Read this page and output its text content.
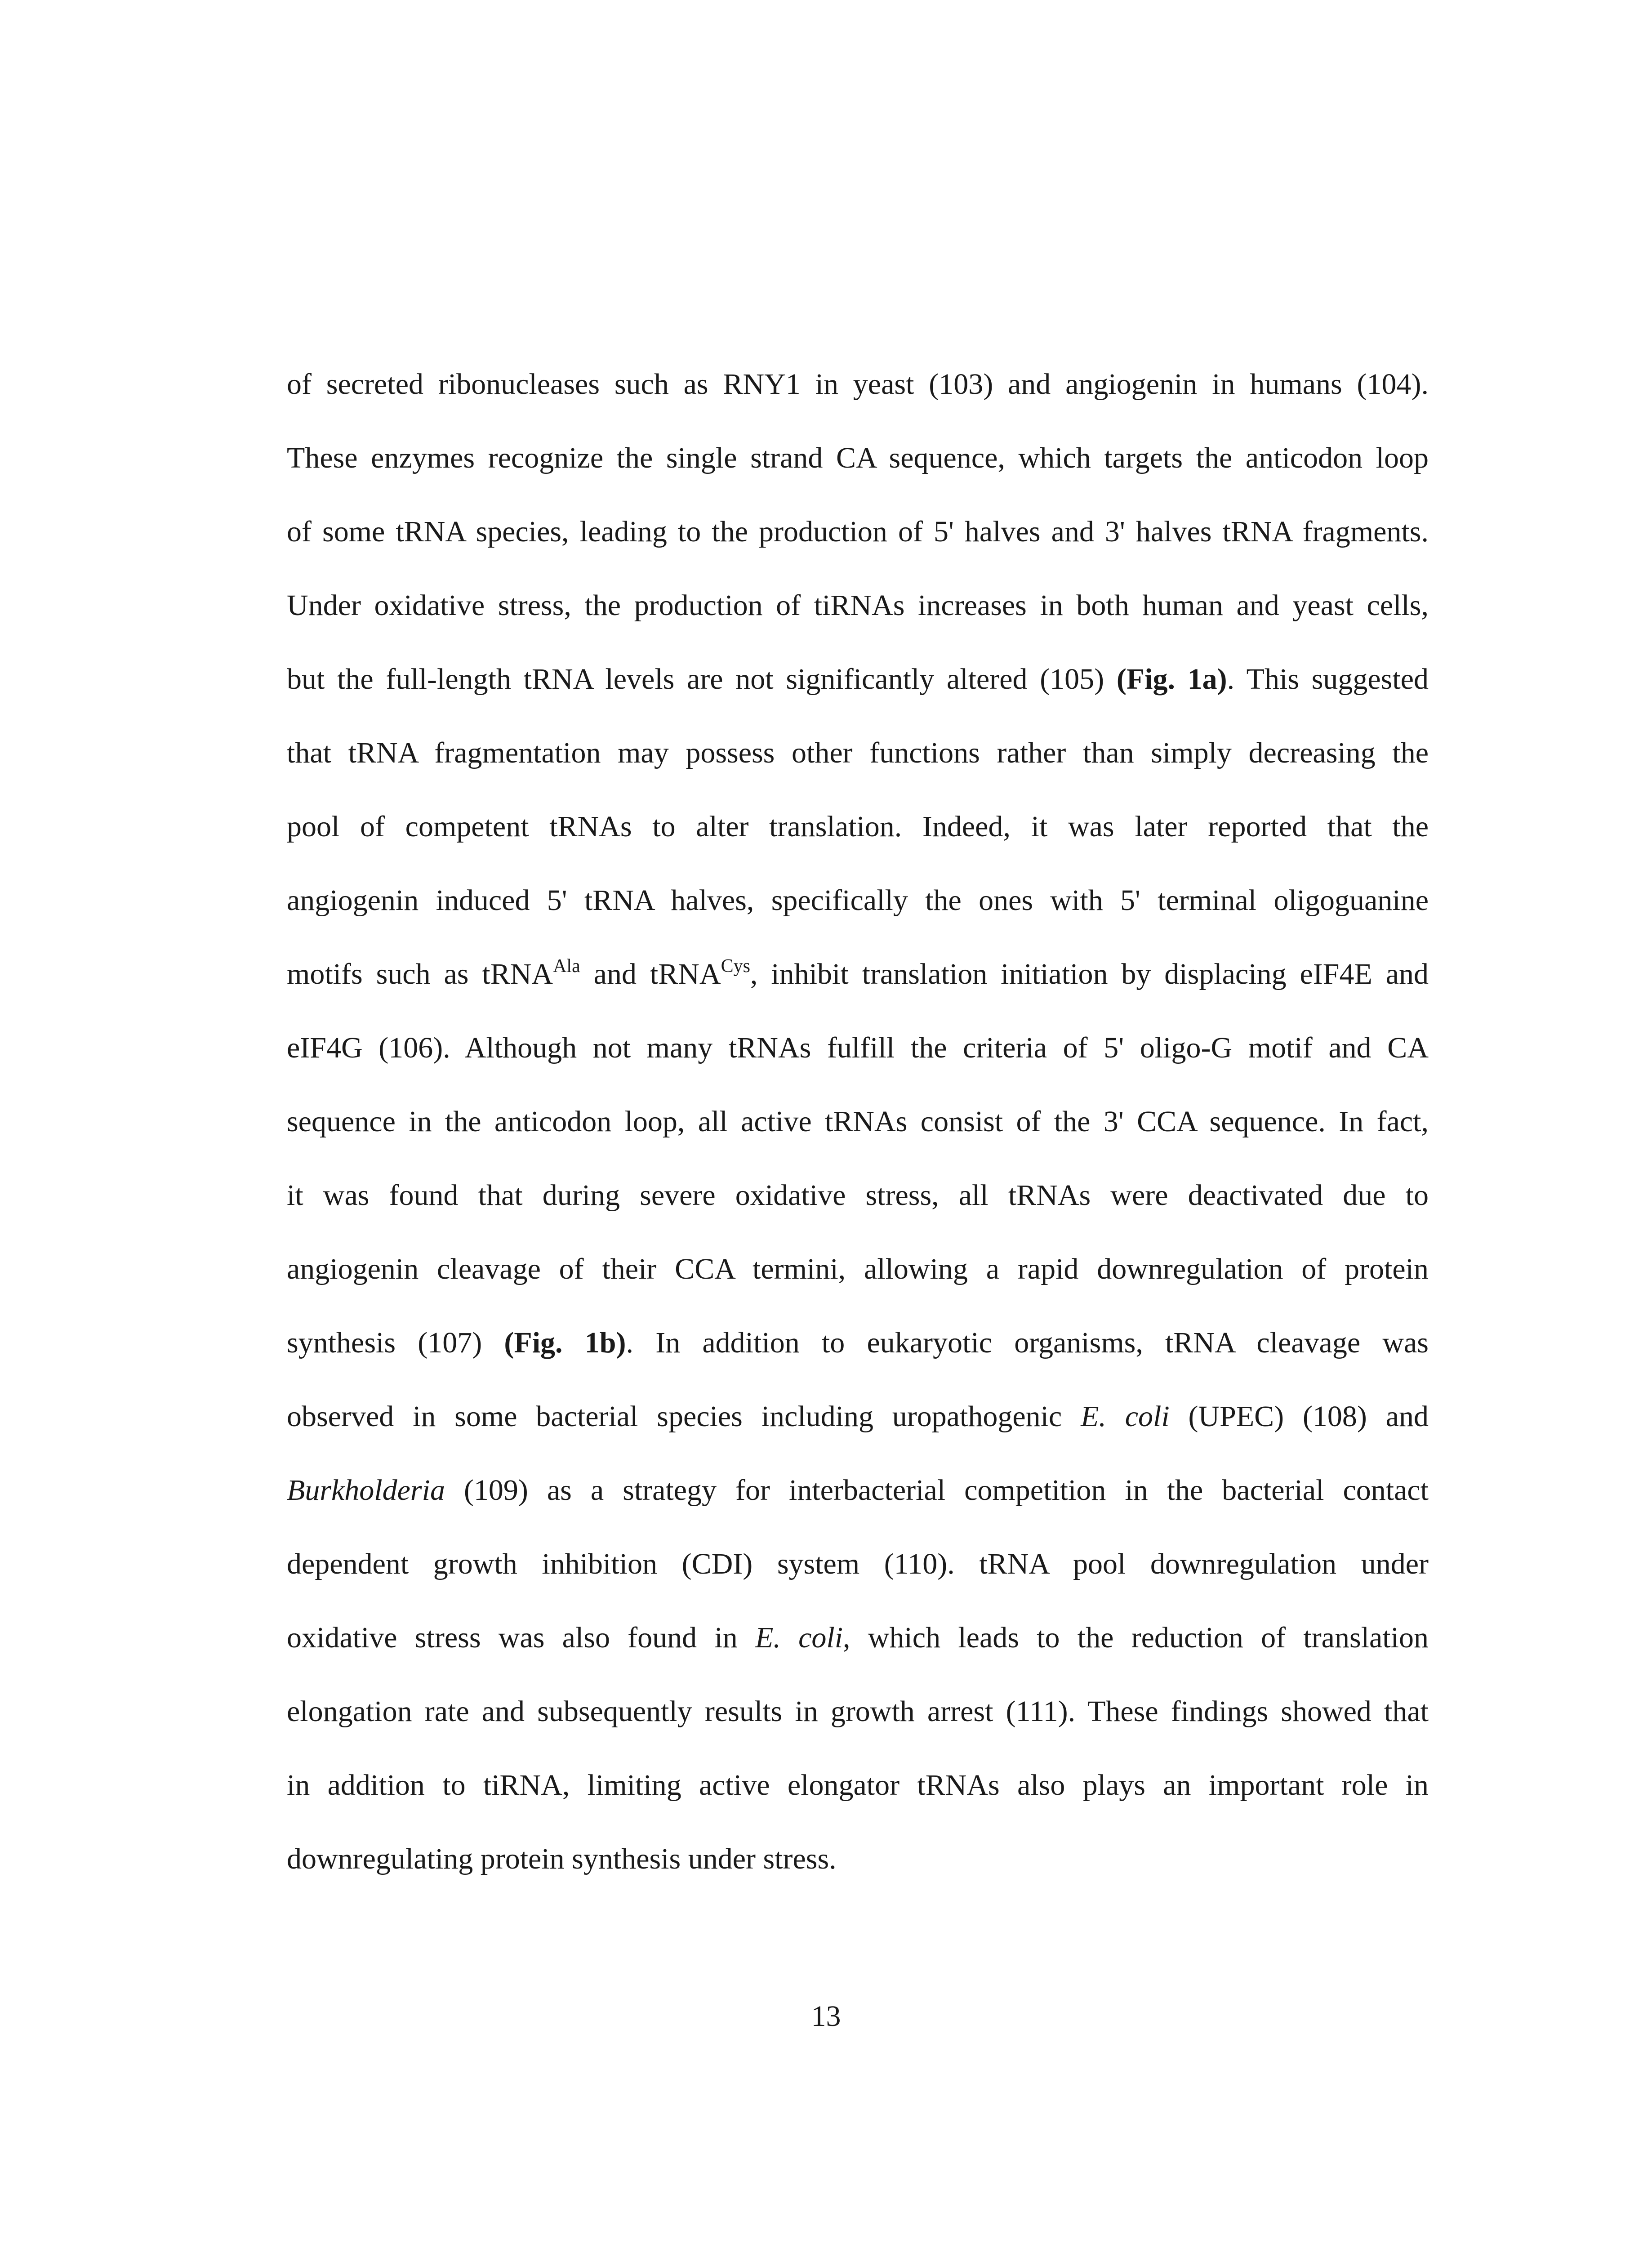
of secreted ribonucleases such as RNY1 in yeast (103) and angiogenin in humans (104).
These enzymes recognize the single strand CA sequence, which targets the anticodon loop
of some tRNA species, leading to the production of 5' halves and 3' halves tRNA fragments.
Under oxidative stress, the production of tiRNAs increases in both human and yeast cells,
but the full-length tRNA levels are not significantly altered (105) (Fig. 1a). This suggested
that tRNA fragmentation may possess other functions rather than simply decreasing the
pool of competent tRNAs to alter translation. Indeed, it was later reported that the
angiogenin induced 5' tRNA halves, specifically the ones with 5' terminal oligoguanine
motifs such as tRNA$^{Ala}$ and tRNA$^{Cys}$, inhibit translation initiation by displacing eIF4E and
eIF4G (106). Although not many tRNAs fulfill the criteria of 5' oligo-G motif and CA
sequence in the anticodon loop, all active tRNAs consist of the 3' CCA sequence. In fact,
it was found that during severe oxidative stress, all tRNAs were deactivated due to
angiogenin cleavage of their CCA termini, allowing a rapid downregulation of protein
synthesis (107) (Fig. 1b). In addition to eukaryotic organisms, tRNA cleavage was
observed in some bacterial species including uropathogenic E. coli (UPEC) (108) and
Burkholderia (109) as a strategy for interbacterial competition in the bacterial contact
dependent growth inhibition (CDI) system (110). tRNA pool downregulation under
oxidative stress was also found in E. coli, which leads to the reduction of translation
elongation rate and subsequently results in growth arrest (111). These findings showed that
in addition to tiRNA, limiting active elongator tRNAs also plays an important role in
downregulating protein synthesis under stress.
13
